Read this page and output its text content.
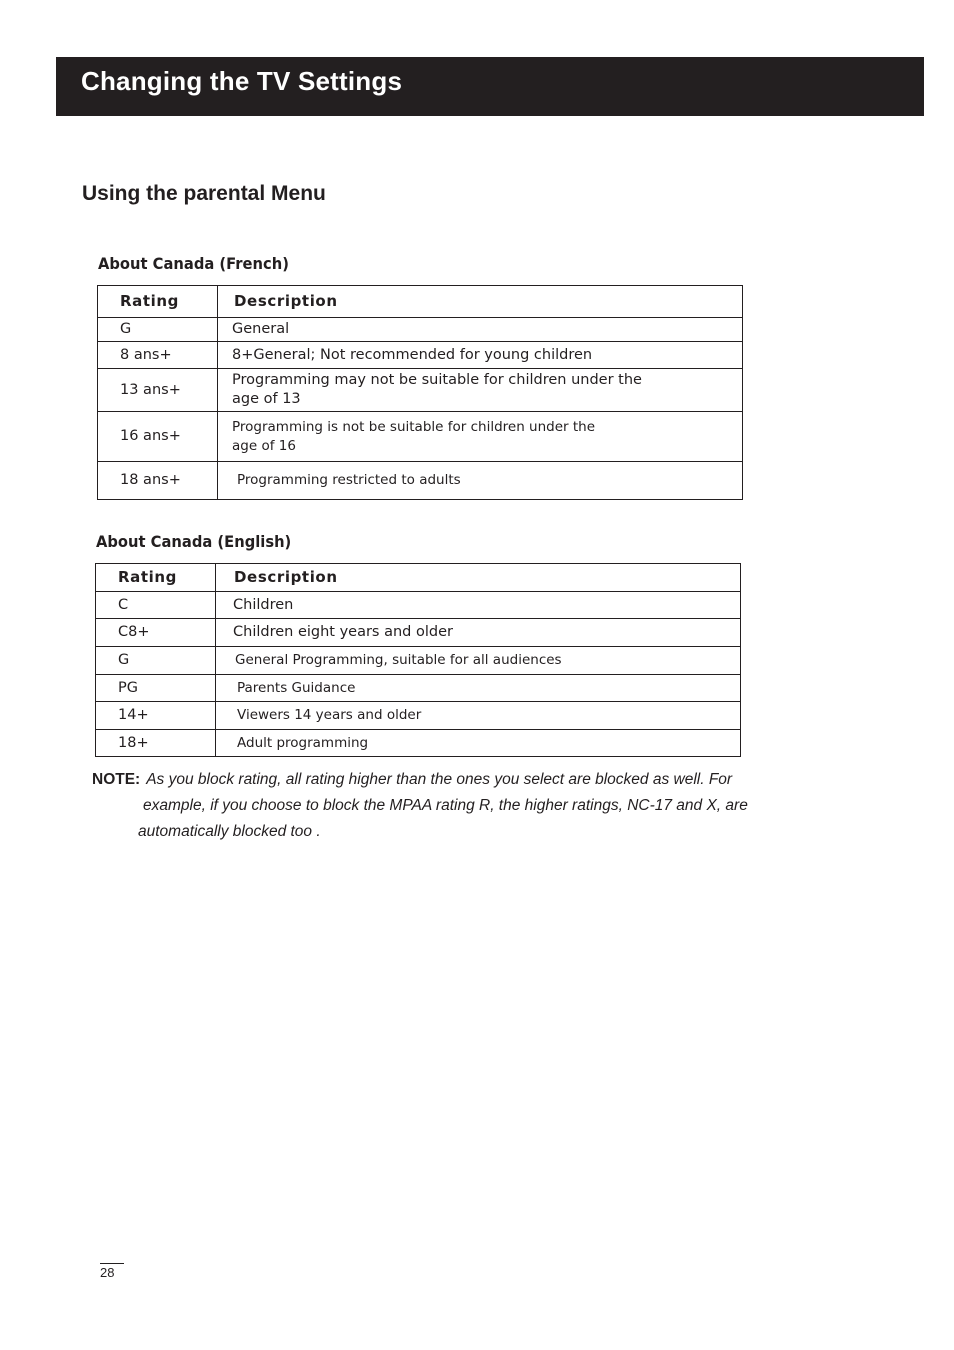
Changing the TV Settings
Using the parental Menu
About Canada (French)
Rating	Description
G	General
8 ans+	8+General; Not recommended for young children
13 ans+	Programming may not be suitable for children under the age of 13
16 ans+	Programming is not be suitable for children under the age of 16
18 ans+	Programming restricted to adults
About Canada (English)
Rating	Description
C	Children
C8+	Children eight years and older
G	General Programming, suitable for all audiences
PG	Parents Guidance
14+	Viewers 14 years and older
18+	Adult programming
NOTE: As you block rating, all rating higher than the ones you select are blocked as well. For
example, if you choose to block the MPAA rating R, the higher ratings, NC-17 and X, are
automatically blocked too .
28
